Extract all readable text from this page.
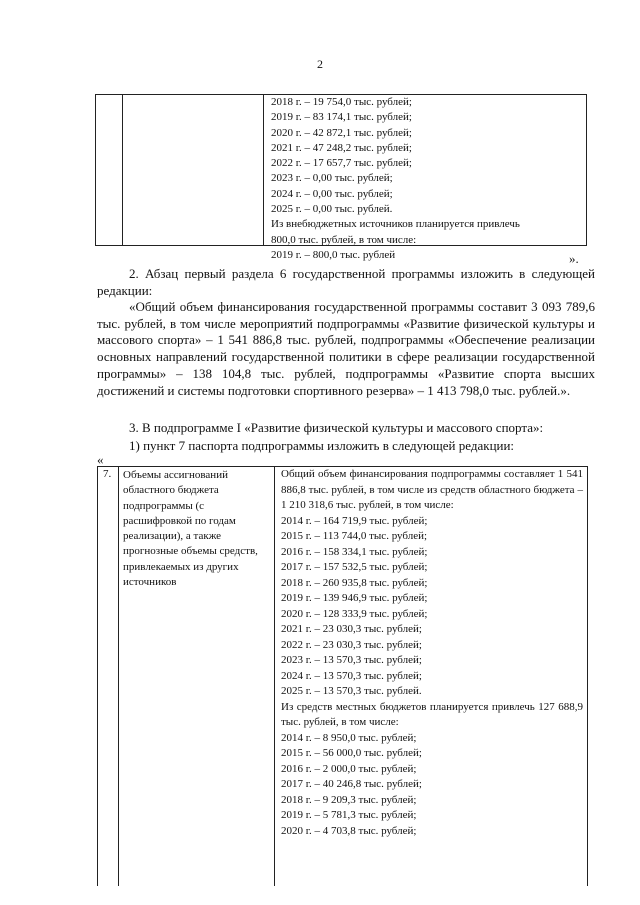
2
2018 г. – 19 754,0 тыс. рублей;
2019 г. – 83 174,1 тыс. рублей;
2020 г. – 42 872,1 тыс. рублей;
2021 г. – 47 248,2 тыс. рублей;
2022 г. – 17 657,7 тыс. рублей;
2023 г. – 0,00 тыс. рублей;
2024 г. – 0,00 тыс. рублей;
2025 г. – 0,00 тыс. рублей.
Из внебюджетных источников планируется привлечь
800,0 тыс. рублей, в том числе:
2019 г. – 800,0 тыс. рублей	».
2. Абзац первый раздела 6 государственной программы изложить в следующей редакции:
«Общий объем финансирования государственной программы составит 3 093 789,6 тыс. рублей, в том числе мероприятий подпрограммы «Развитие физической культуры и массового спорта» – 1 541 886,8 тыс. рублей, подпрограммы «Обеспечение реализации основных направлений государственной политики в сфере реализации государственной программы» – 138 104,8 тыс. рублей, подпрограммы «Развитие спорта высших достижений и системы подготовки спортивного резерва» – 1 413 798,0 тыс. рублей.».
3. В подпрограмме I «Развитие физической культуры и массового спорта»:
1) пункт 7 паспорта подпрограммы изложить в следующей редакции:
«
7. Объемы ассигнований областного бюджета подпрограммы (с расшифровкой по годам реализации), а также прогнозные объемы средств, привлекаемых из других источников
Общий объем финансирования подпрограммы составляет 1 541 886,8 тыс. рублей, в том числе из средств областного бюджета – 1 210 318,6 тыс. рублей, в том числе:
2014 г. – 164 719,9 тыс. рублей;
2015 г. – 113 744,0 тыс. рублей;
2016 г. – 158 334,1 тыс. рублей;
2017 г. – 157 532,5 тыс. рублей;
2018 г. – 260 935,8 тыс. рублей;
2019 г. – 139 946,9 тыс. рублей;
2020 г. – 128 333,9 тыс. рублей;
2021 г. – 23 030,3 тыс. рублей;
2022 г. – 23 030,3 тыс. рублей;
2023 г. – 13 570,3 тыс. рублей;
2024 г. – 13 570,3 тыс. рублей;
2025 г. – 13 570,3 тыс. рублей.
Из средств местных бюджетов планируется привлечь 127 688,9 тыс. рублей, в том числе:
2014 г. – 8 950,0 тыс. рублей;
2015 г. – 56 000,0 тыс. рублей;
2016 г. – 2 000,0 тыс. рублей;
2017 г. – 40 246,8 тыс. рублей;
2018 г. – 9 209,3 тыс. рублей;
2019 г. – 5 781,3 тыс. рублей;
2020 г. – 4 703,8 тыс. рублей;
